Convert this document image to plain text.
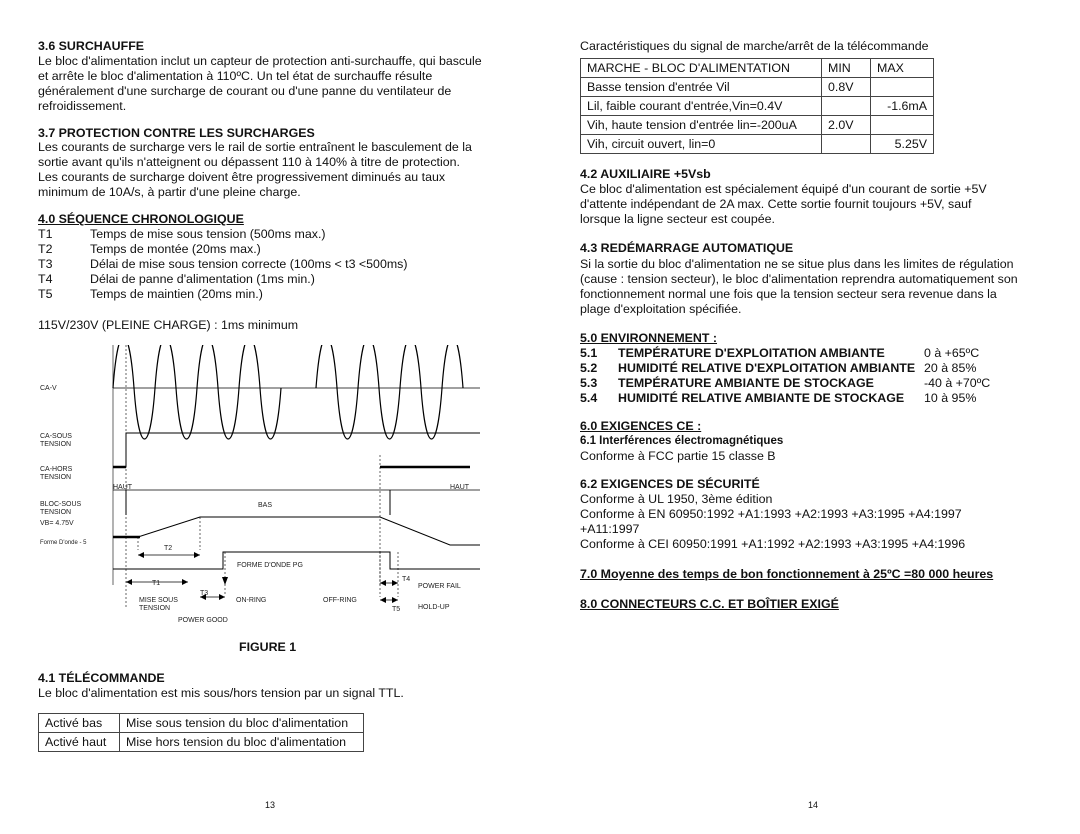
3.6 SURCHAUFFE
Le bloc d'alimentation inclut un capteur de protection anti-surchauffe, qui bascule
et arrête le bloc d'alimentation à 110ºC. Un tel état de surchauffe résulte
généralement d'une surcharge de courant ou d'une panne du ventilateur de
refroidissement.
3.7 PROTECTION CONTRE LES SURCHARGES
Les courants de surcharge vers le rail de sortie entraînent le basculement de la
sortie avant qu'ils n'atteignent ou dépassent 110 à 140% à titre de protection.
Les courants de surcharge doivent être progressivement diminués au taux
minimum de 10A/s, à partir d'une pleine charge.
4.0 SÉQUENCE CHRONOLOGIQUE
T1	Temps de mise sous tension (500ms max.)
T2	Temps de montée (20ms max.)
T3	Délai de mise sous tension correcte (100ms < t3 <500ms)
T4	Délai de panne d'alimentation (1ms min.)
T5	Temps de maintien (20ms min.)
115V/230V (PLEINE CHARGE) : 1ms minimum
CA-V
CA-SOUS
TENSION
CA-HORS
TENSION
HAUT	HAUT
BLOC-SOUS
TENSION
BAS
VB= 4.75V
Forme D'onde - 5
T2
FORME D'ONDE PG
T1
T3
T4
T5
POWER FAIL
MISE SOUS
TENSION
ON-RING	OFF-RING
HOLD-UP
POWER GOOD
FIGURE 1
4.1 TÉLÉCOMMANDE
Le bloc d'alimentation est mis sous/hors tension par un signal TTL.
Activé bas	Mise sous tension du bloc d'alimentation
Activé haut	Mise hors tension du bloc d'alimentation
13
Caractéristiques du signal de marche/arrêt de la télécommande
MARCHE - BLOC D'ALIMENTATION	MIN	MAX
Basse tension d'entrée Vil	0.8V	
Lil, faible courant d'entrée,Vin=0.4V		-1.6mA
Vih, haute tension d'entrée lin=-200uA	2.0V	
Vih, circuit ouvert, lin=0		5.25V
4.2 AUXILIAIRE +5Vsb
Ce bloc d'alimentation est spécialement équipé d'un courant de sortie +5V
d'attente indépendant de 2A max. Cette sortie fournit toujours +5V, sauf
lorsque la ligne secteur est coupée.
4.3 REDÉMARRAGE AUTOMATIQUE
Si la sortie du bloc d'alimentation ne se situe plus dans les limites de régulation
(cause : tension secteur), le bloc d'alimentation reprendra automatiquement son
fonctionnement normal une fois que la tension secteur sera revenue dans la
plage d'exploitation spécifiée.
5.0 ENVIRONNEMENT :
5.1	TEMPÉRATURE D'EXPLOITATION AMBIANTE	0 à +65ºC
5.2	HUMIDITÉ RELATIVE D'EXPLOITATION AMBIANTE 20 à 85%
5.3	TEMPÉRATURE AMBIANTE DE STOCKAGE	-40 à +70ºC
5.4	HUMIDITÉ RELATIVE AMBIANTE DE STOCKAGE	10 à 95%
6.0 EXIGENCES CE :
6.1 Interférences électromagnétiques
Conforme à FCC partie 15 classe B
6.2 EXIGENCES DE SÉCURITÉ
Conforme à UL 1950, 3ème édition
Conforme à EN 60950:1992 +A1:1993 +A2:1993 +A3:1995 +A4:1997
+A11:1997
Conforme à CEI 60950:1991 +A1:1992 +A2:1993 +A3:1995 +A4:1996
7.0 Moyenne des temps de bon fonctionnement à 25ºC =80 000 heures
8.0 CONNECTEURS C.C. ET BOÎTIER EXIGÉ
14
